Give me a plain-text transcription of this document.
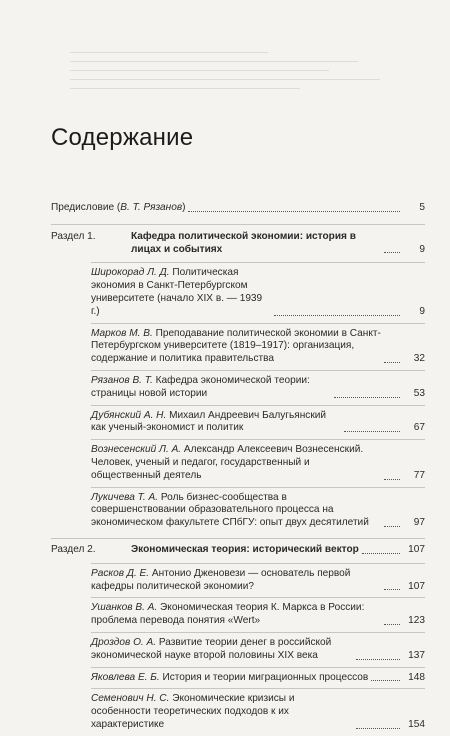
Содержание
Предисловие (В. Т. Рязанов)	5
Раздел 1.	Кафедра политической экономии: история в лицах и событиях	9
Широкорад Л. Д. Политическая экономия в Санкт-Петербургском университете (начало XIX в. — 1939 г.)	9
Марков М. В. Преподавание политической экономии в Санкт-Петербургском университете (1819–1917): организация, содержание и политика правительства	32
Рязанов В. Т. Кафедра экономической теории: страницы новой истории	53
Дубянский А. Н. Михаил Андреевич Балугьянский как ученый-экономист и политик	67
Вознесенский Л. А. Александр Алексеевич Вознесенский. Человек, ученый и педагог, государственный и общественный деятель	77
Лукичева Т. А. Роль бизнес-сообщества в совершенствовании образовательного процесса на экономическом факультете СПбГУ: опыт двух десятилетий	97
Раздел 2.	Экономическая теория: исторический вектор	107
Расков Д. Е. Антонио Дженовези — основатель первой кафедры политической экономии?	107
Ушанков В. А. Экономическая теория К. Маркса в России: проблема перевода понятия «Wert»	123
Дроздов О. А. Развитие теории денег в российской экономической науке второй половины XIX века	137
Яковлева Е. Б. История и теории миграционных процессов	148
Семенович Н. С. Экономические кризисы и особенности теоретических подходов к их характеристике	154
